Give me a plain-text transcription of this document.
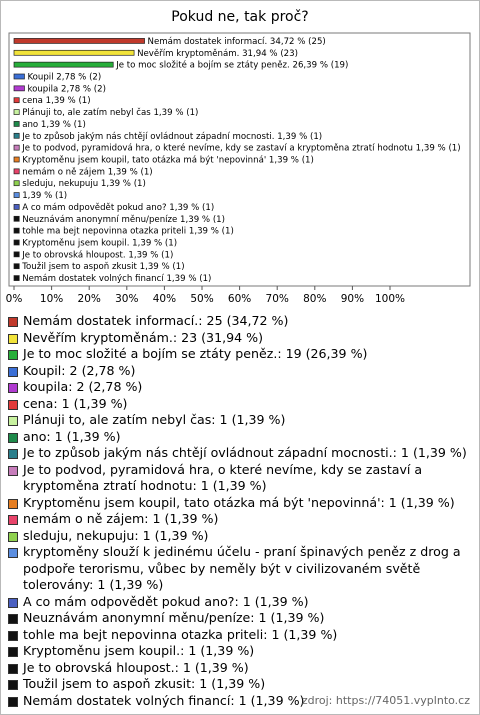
Pokud ne, tak proč?
Nemám dostatek informací. 34,72 % (25)
Nevěřím kryptoměnám. 31,94 % (23)
Je to moc složité a bojím se ztáty peněz. 26,39 % (19)
Koupil 2,78 % (2)
koupila 2,78 % (2)
cena 1,39 % (1)
Plánuji to, ale zatím nebyl čas 1,39 % (1)
ano 1,39 % (1)
Je to způsob jakým nás chtějí ovládnout západní mocnosti. 1,39 % (1)
Je to podvod, pyramidová hra, o které nevíme, kdy se zastaví a kryptoměna ztratí hodnotu 1,39 % (1)
Kryptoměnu jsem koupil, tato otázka má být 'nepovinná' 1,39 % (1)
nemám o ně zájem 1,39 % (1)
sleduju, nekupuju 1,39 % (1)
1,39 % (1)
A co mám odpovědět pokud ano? 1,39 % (1)
Neuznávám anonymní měnu/peníze 1,39 % (1)
tohle ma bejt nepovinna otazka priteli 1,39 % (1)
Kryptoměnu jsem koupil. 1,39 % (1)
Je to obrovská hloupost. 1,39 % (1)
Toužil jsem to aspoň zkusit 1,39 % (1)
Nemám dostatek volných financí 1,39 % (1)
0% 10% 20% 30% 40% 50% 60% 70% 80% 90% 100%
Nemám dostatek informací.: 25 (34,72 %)
Nevěřím kryptoměnám.: 23 (31,94 %)
Je to moc složité a bojím se ztáty peněz.: 19 (26,39 %)
Koupil: 2 (2,78 %)
koupila: 2 (2,78 %)
cena: 1 (1,39 %)
Plánuji to, ale zatím nebyl čas: 1 (1,39 %)
ano: 1 (1,39 %)
Je to způsob jakým nás chtějí ovládnout západní mocnosti.: 1 (1,39 %)
Je to podvod, pyramidová hra, o které nevíme, kdy se zastaví a kryptoměna ztratí hodnotu: 1 (1,39 %)
Kryptoměnu jsem koupil, tato otázka má být 'nepovinná': 1 (1,39 %)
nemám o ně zájem: 1 (1,39 %)
sleduju, nekupuju: 1 (1,39 %)
kryptoměny slouží k jedinému účelu - praní špinavých peněz z drog a podpoře terorismu, vůbec by neměly být v civilizovaném světě tolerovány: 1 (1,39 %)
A co mám odpovědět pokud ano?: 1 (1,39 %)
Neuznávám anonymní měnu/peníze: 1 (1,39 %)
tohle ma bejt nepovinna otazka priteli: 1 (1,39 %)
Kryptoměnu jsem koupil.: 1 (1,39 %)
Je to obrovská hloupost.: 1 (1,39 %)
Toužil jsem to aspoň zkusit: 1 (1,39 %)
Nemám dostatek volných financí: 1 (1,39 %)
zdroj: https://74051.vyplnto.cz
